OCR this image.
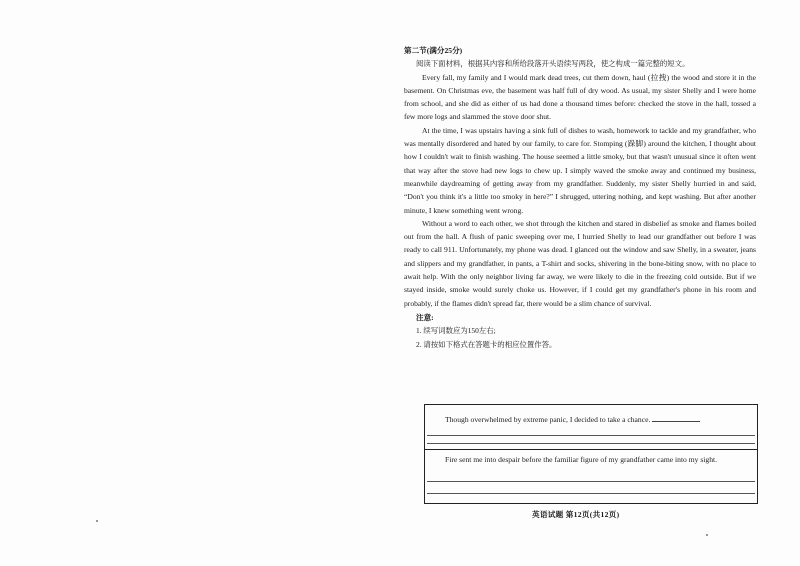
第二节(满分25分)
阅读下面材料，根据其内容和所给段落开头语续写两段，使之构成一篇完整的短文。
Every fall, my family and I would mark dead trees, cut them down, haul (拉拽) the wood and store it in the basement. On Christmas eve, the basement was half full of dry wood. As usual, my sister Shelly and I were home from school, and she did as either of us had done a thousand times before: checked the stove in the hall, tossed a few more logs and slammed the stove door shut.
At the time, I was upstairs having a sink full of dishes to wash, homework to tackle and my grandfather, who was mentally disordered and hated by our family, to care for. Stomping (跺脚) around the kitchen, I thought about how I couldn't wait to finish washing. The house seemed a little smoky, but that wasn't unusual since it often went that way after the stove had new logs to chew up. I simply waved the smoke away and continued my business, meanwhile daydreaming of getting away from my grandfather. Suddenly, my sister Shelly hurried in and said, “Don't you think it's a little too smoky in here?” I shrugged, uttering nothing, and kept washing. But after another minute, I knew something went wrong.
Without a word to each other, we shot through the kitchen and stared in disbelief as smoke and flames boiled out from the hall. A flush of panic sweeping over me, I hurried Shelly to lead our grandfather out before I was ready to call 911. Unfortunately, my phone was dead. I glanced out the window and saw Shelly, in a sweater, jeans and slippers and my grandfather, in pants, a T-shirt and socks, shivering in the bone-biting snow, with no place to await help. With the only neighbor living far away, we were likely to die in the freezing cold outside. But if we stayed inside, smoke would surely choke us. However, if I could get my grandfather's phone in his room and probably, if the flames didn't spread far, there would be a slim chance of survival.
注意:
1. 续写词数应为150左右;
2. 请按如下格式在答题卡的相应位置作答。
Though overwhelmed by extreme panic, I decided to take a chance.
Fire sent me into despair before the familiar figure of my grandfather came into my sight.
英语试题 第12页(共12页)
